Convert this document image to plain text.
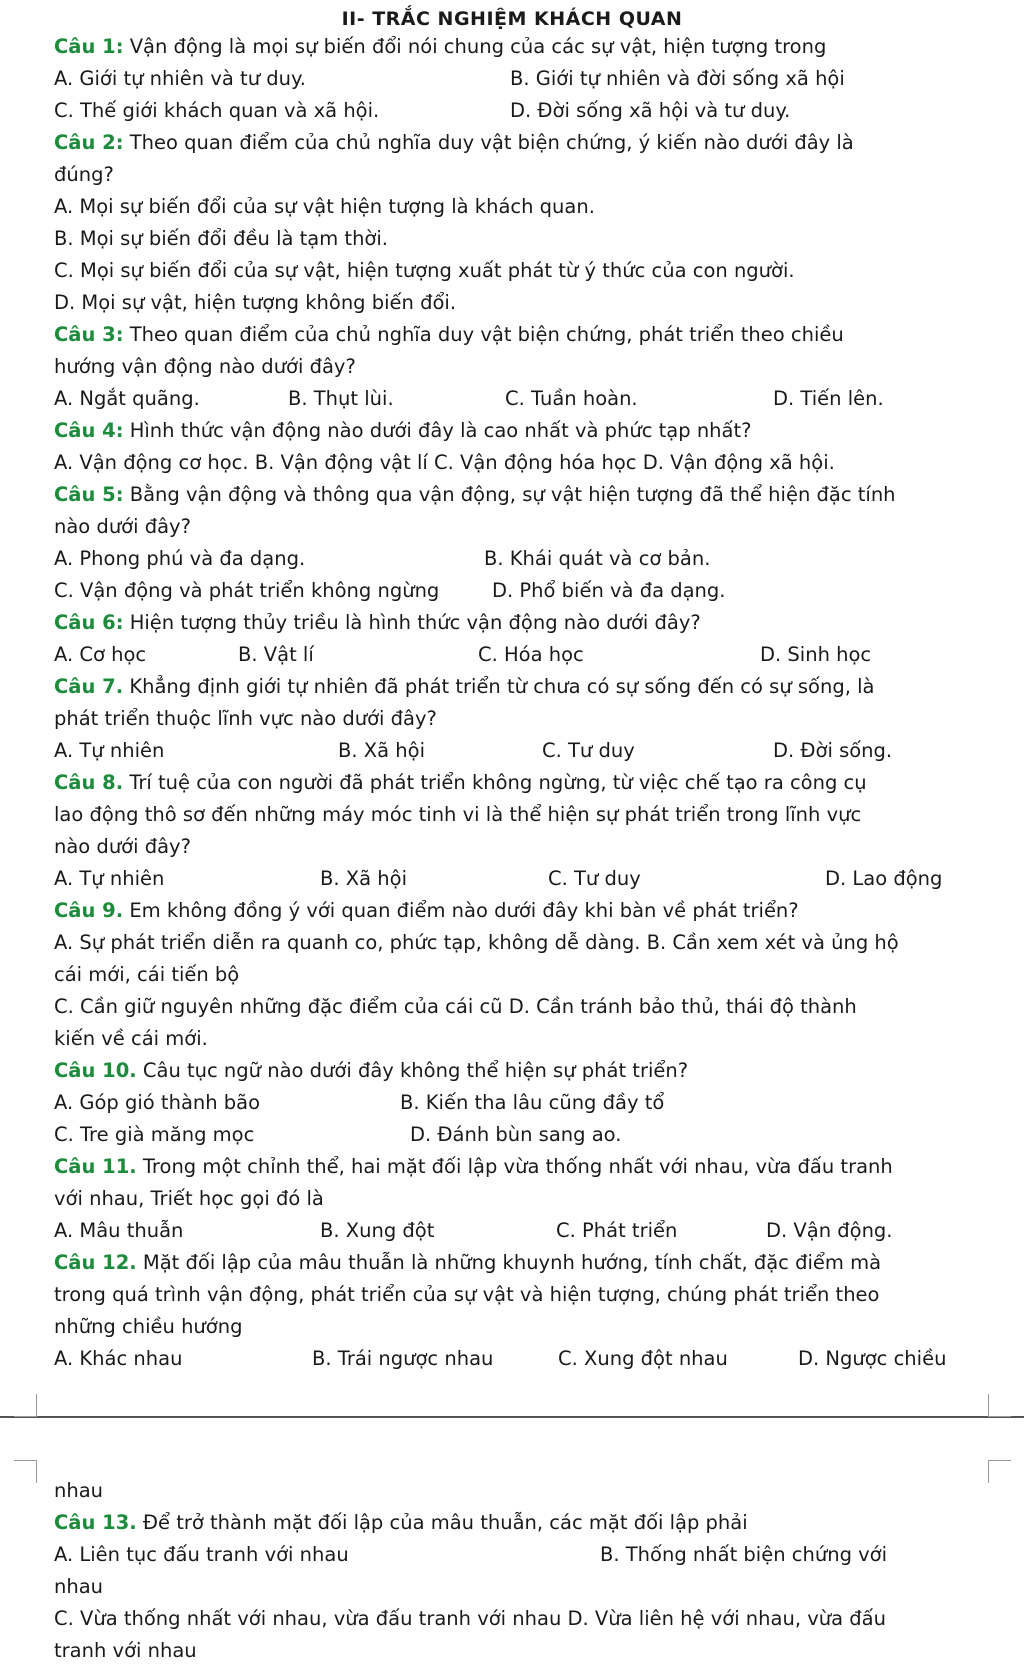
II- TRẮC NGHIỆM KHÁCH QUAN
Câu 1: Vận động là mọi sự biến đổi nói chung của các sự vật, hiện tượng trong
A. Giới tự nhiên và tư duy.	B. Giới tự nhiên và đời sống xã hội
C. Thế giới khách quan và xã hội.	D. Đời sống xã hội và tư duy.
Câu 2: Theo quan điểm của chủ nghĩa duy vật biện chứng, ý kiến nào dưới đây là
đúng?
A. Mọi sự biến đổi của sự vật hiện tượng là khách quan.
B. Mọi sự biến đổi đều là tạm thời.
C. Mọi sự biến đổi của sự vật, hiện tượng xuất phát từ ý thức của con người.
D. Mọi sự vật, hiện tượng không biến đổi.
Câu 3: Theo quan điểm của chủ nghĩa duy vật biện chứng, phát triển theo chiều
hướng vận động nào dưới đây?
A. Ngắt quãng.	B. Thụt lùi.	C. Tuần hoàn.	D. Tiến lên.
Câu 4: Hình thức vận động nào dưới đây là cao nhất và phức tạp nhất?
A. Vận động cơ học. B. Vận động vật lí C. Vận động hóa học D. Vận động xã hội.
Câu 5: Bằng vận động và thông qua vận động, sự vật hiện tượng đã thể hiện đặc tính
nào dưới đây?
A. Phong phú và đa dạng.	B. Khái quát và cơ bản.
C. Vận động và phát triển không ngừng	D. Phổ biến và đa dạng.
Câu 6: Hiện tượng thủy triều là hình thức vận động nào dưới đây?
A. Cơ học	B. Vật lí	C. Hóa học	D. Sinh học
Câu 7. Khẳng định giới tự nhiên đã phát triển từ chưa có sự sống đến có sự sống, là
phát triển thuộc lĩnh vực nào dưới đây?
A. Tự nhiên	B. Xã hội	C. Tư duy	D. Đời sống.
Câu 8. Trí tuệ của con người đã phát triển không ngừng, từ việc chế tạo ra công cụ
lao động thô sơ đến những máy móc tinh vi là thể hiện sự phát triển trong lĩnh vực
nào dưới đây?
A. Tự nhiên	B. Xã hội	C. Tư duy	D. Lao động
Câu 9. Em không đồng ý với quan điểm nào dưới đây khi bàn về phát triển?
A. Sự phát triển diễn ra quanh co, phức tạp, không dễ dàng. B. Cần xem xét và ủng hộ
cái mới, cái tiến bộ
C. Cần giữ nguyên những đặc điểm của cái cũ D. Cần tránh bảo thủ, thái độ thành
kiến về cái mới.
Câu 10. Câu tục ngữ nào dưới đây không thể hiện sự phát triển?
A. Góp gió thành bão	B. Kiến tha lâu cũng đầy tổ
C. Tre già măng mọc	D. Đánh bùn sang ao.
Câu 11. Trong một chỉnh thể, hai mặt đối lập vừa thống nhất với nhau, vừa đấu tranh
với nhau, Triết học gọi đó là
A. Mâu thuẫn	B. Xung đột	C. Phát triển	D. Vận động.
Câu 12. Mặt đối lập của mâu thuẫn là những khuynh hướng, tính chất, đặc điểm mà
trong quá trình vận động, phát triển của sự vật và hiện tượng, chúng phát triển theo
những chiều hướng
A. Khác nhau	B. Trái ngược nhau	C. Xung đột nhau	D. Ngược chiều
nhau
Câu 13. Để trở thành mặt đối lập của mâu thuẫn, các mặt đối lập phải
A. Liên tục đấu tranh với nhau	B. Thống nhất biện chứng với
nhau
C. Vừa thống nhất với nhau, vừa đấu tranh với nhau D. Vừa liên hệ với nhau, vừa đấu
tranh với nhau
